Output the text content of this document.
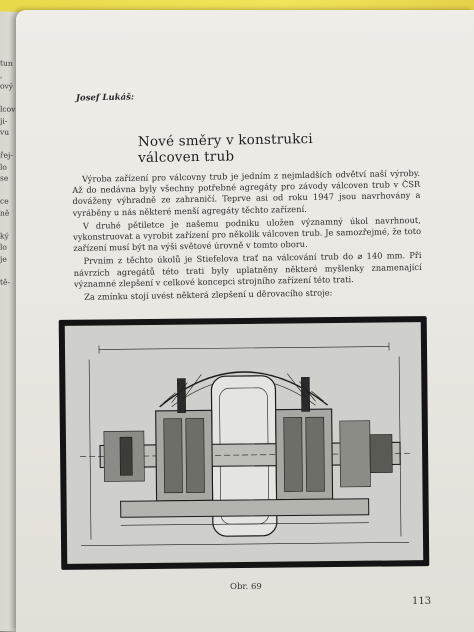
tun
,
ový
lcov
ji-
vu
řej-
lo
se
ce
ně
ký
lo
je
tě-
Josef Lukáš:
Nové směry v konstrukci válcoven trub

Výroba zařízení pro válcovny trub je jedním z nejmladších odvětví naší výroby. Až do nedávna byly všechny potřebné agregáty pro závody válcoven trub v ČSR dováženy výhradně ze zahraničí. Teprve asi od roku 1947 jsou navrhovány a vyráběny u nás některé menší agregáty těchto zařízení.

V druhé pětiletce je našemu podniku uložen významný úkol navrhnout, vykonstruovat a vyrobit zařízení pro několik válcoven trub. Je samozřejmé, že toto zařízení musí být na výši světové úrovně v tomto oboru.

Prvním z těchto úkolů je Stiefelova trať na válcování trub do ⌀ 140 mm. Při návrzích agregátů této trati byly uplatněny některé myšlenky znamenající významné zlepšení v celkové koncepci strojního zařízení této trati.

Za zmínku stojí uvést některá zlepšení u děrovacího stroje:

Obr. 69
113
